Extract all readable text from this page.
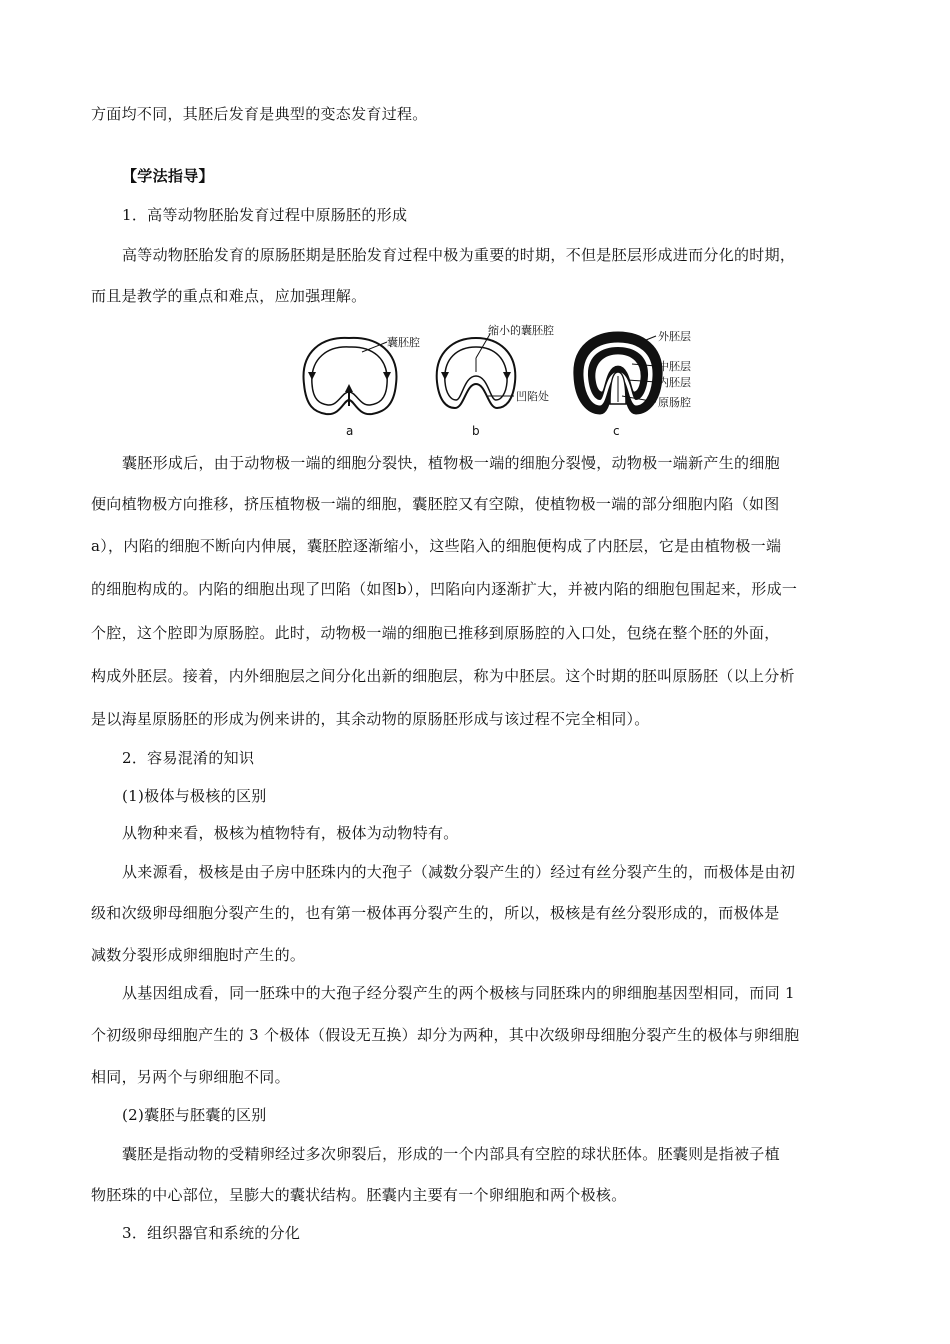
方面均不同，其胚后发育是典型的变态发育过程。
【学法指导】
1．高等动物胚胎发育过程中原肠胚的形成
高等动物胚胎发育的原肠胚期是胚胎发育过程中极为重要的时期，不但是胚层形成进而分化的时期，
而且是教学的重点和难点，应加强理解。
囊胚腔
a
缩小的囊胚腔
凹陷处
b
外胚层
中胚层
内胚层
原肠腔
c
囊胚形成后，由于动物极一端的细胞分裂快，植物极一端的细胞分裂慢，动物极一端新产生的细胞
便向植物极方向推移，挤压植物极一端的细胞，囊胚腔又有空隙，使植物极一端的部分细胞内陷（如图
a），内陷的细胞不断向内伸展，囊胚腔逐渐缩小，这些陷入的细胞便构成了内胚层，它是由植物极一端
的细胞构成的。内陷的细胞出现了凹陷（如图b），凹陷向内逐渐扩大，并被内陷的细胞包围起来，形成一
个腔，这个腔即为原肠腔。此时，动物极一端的细胞已推移到原肠腔的入口处，包绕在整个胚的外面，
构成外胚层。接着，内外细胞层之间分化出新的细胞层，称为中胚层。这个时期的胚叫原肠胚（以上分析
是以海星原肠胚的形成为例来讲的，其余动物的原肠胚形成与该过程不完全相同）。
2．容易混淆的知识
(1)极体与极核的区别
从物种来看，极核为植物特有，极体为动物特有。
从来源看，极核是由子房中胚珠内的大孢子（减数分裂产生的）经过有丝分裂产生的，而极体是由初
级和次级卵母细胞分裂产生的，也有第一极体再分裂产生的，所以，极核是有丝分裂形成的，而极体是
减数分裂形成卵细胞时产生的。
从基因组成看，同一胚珠中的大孢子经分裂产生的两个极核与同胚珠内的卵细胞基因型相同，而同 1
个初级卵母细胞产生的 3 个极体（假设无互换）却分为两种，其中次级卵母细胞分裂产生的极体与卵细胞
相同，另两个与卵细胞不同。
(2)囊胚与胚囊的区别
囊胚是指动物的受精卵经过多次卵裂后，形成的一个内部具有空腔的球状胚体。胚囊则是指被子植
物胚珠的中心部位，呈膨大的囊状结构。胚囊内主要有一个卵细胞和两个极核。
3．组织器官和系统的分化
